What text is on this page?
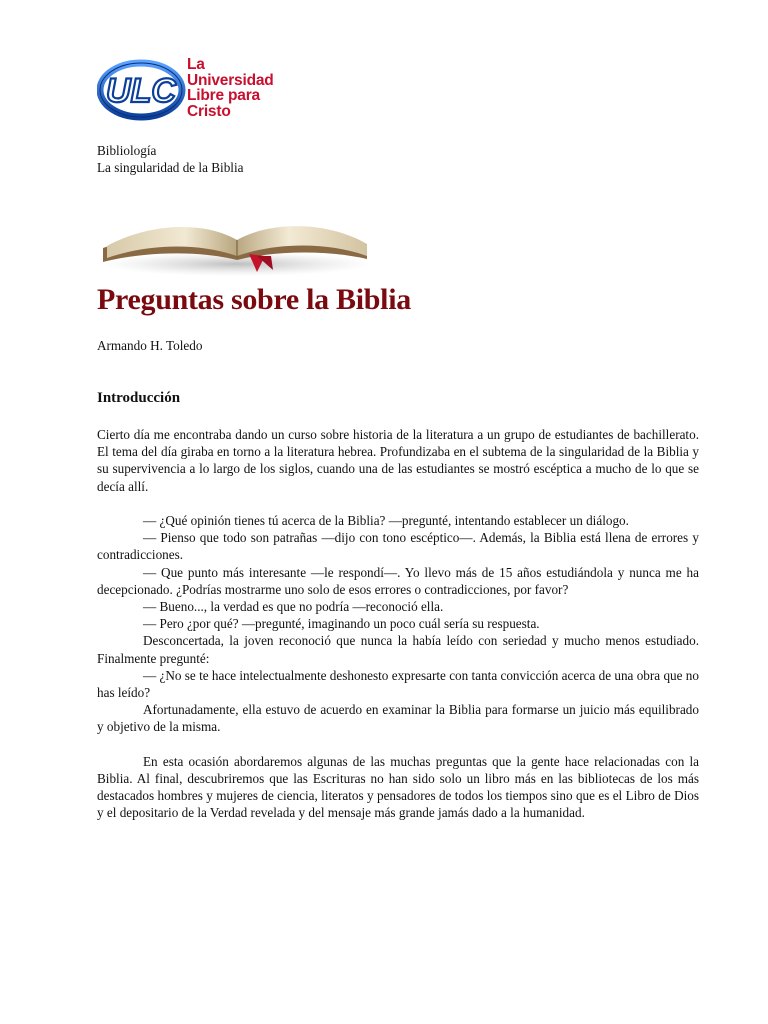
ULC
La
Universidad
Libre para
Cristo
Bibliología
La singularidad de la Biblia
Preguntas sobre la Biblia
Armando H. Toledo
Introducción

Cierto día me encontraba dando un curso sobre historia de la literatura a un grupo de estudiantes de bachillerato. El tema del día giraba en torno a la literatura hebrea. Profundizaba en el subtema de la singularidad de la Biblia y su supervivencia a lo largo de los siglos, cuando una de las estudiantes se mostró escéptica a mucho de lo que se decía allí.

— ¿Qué opinión tienes tú acerca de la Biblia? —pregunté, intentando establecer un diálogo.

— Pienso que todo son patrañas —dijo con tono escéptico—. Además, la Biblia está llena de errores y contradicciones.

— Que punto más interesante —le respondí—. Yo llevo más de 15 años estudiándola y nunca me ha decepcionado. ¿Podrías mostrarme uno solo de esos errores o contradicciones, por favor?

— Bueno..., la verdad es que no podría —reconoció ella.

— Pero ¿por qué? —pregunté, imaginando un poco cuál sería su respuesta.

Desconcertada, la joven reconoció que nunca la había leído con seriedad y mucho menos estudiado. Finalmente pregunté:

— ¿No se te hace intelectualmente deshonesto expresarte con tanta convicción acerca de una obra que no has leído?

Afortunadamente, ella estuvo de acuerdo en examinar la Biblia para formarse un juicio más equilibrado y objetivo de la misma.

En esta ocasión abordaremos algunas de las muchas preguntas que la gente hace relacionadas con la Biblia. Al final, descubriremos que las Escrituras no han sido solo un libro más en las bibliotecas de los más destacados hombres y mujeres de ciencia, literatos y pensadores de todos los tiempos sino que es el Libro de Dios y el depositario de la Verdad revelada y del mensaje más grande jamás dado a la humanidad.
